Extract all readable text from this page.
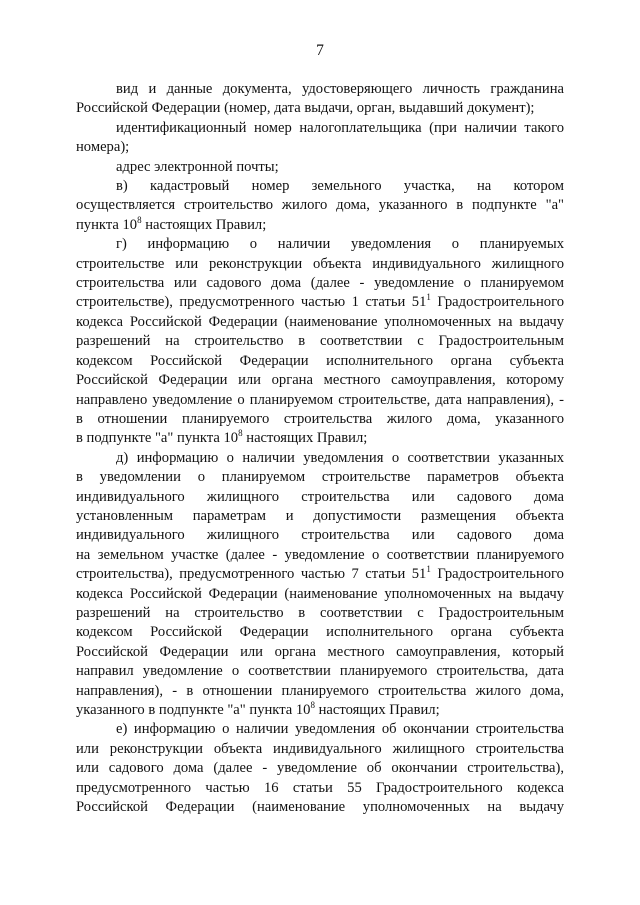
7
вид и данные документа, удостоверяющего личность гражданина
Российской Федерации (номер, дата выдачи, орган, выдавший документ);
идентификационный номер налогоплательщика (при наличии такого
номера);
адрес электронной почты;
в) кадастровый номер земельного участка, на котором
осуществляется строительство жилого дома, указанного в подпункте "а"
пункта $10^8$ настоящих Правил;
г) информацию о наличии уведомления о планируемых
строительстве или реконструкции объекта индивидуального жилищного
строительства или садового дома (далее - уведомление о планируемом
строительстве), предусмотренного частью 1 статьи $51^1$ Градостроительного
кодекса Российской Федерации (наименование уполномоченных на выдачу
разрешений на строительство в соответствии с Градостроительным
кодексом Российской Федерации исполнительного органа субъекта
Российской Федерации или органа местного самоуправления, которому
направлено уведомление о планируемом строительстве, дата направления), -
в отношении планируемого строительства жилого дома, указанного
в подпункте "а" пункта $10^8$ настоящих Правил;
д) информацию о наличии уведомления о соответствии указанных
в уведомлении о планируемом строительстве параметров объекта
индивидуального жилищного строительства или садового дома
установленным параметрам и допустимости размещения объекта
индивидуального жилищного строительства или садового дома
на земельном участке (далее - уведомление о соответствии планируемого
строительства), предусмотренного частью 7 статьи $51^1$ Градостроительного
кодекса Российской Федерации (наименование уполномоченных на выдачу
разрешений на строительство в соответствии с Градостроительным
кодексом Российской Федерации исполнительного органа субъекта
Российской Федерации или органа местного самоуправления, который
направил уведомление о соответствии планируемого строительства, дата
направления), - в отношении планируемого строительства жилого дома,
указанного в подпункте "а" пункта $10^8$ настоящих Правил;
е) информацию о наличии уведомления об окончании строительства
или реконструкции объекта индивидуального жилищного строительства
или садового дома (далее - уведомление об окончании строительства),
предусмотренного частью 16 статьи 55 Градостроительного кодекса
Российской Федерации (наименование уполномоченных на выдачу
